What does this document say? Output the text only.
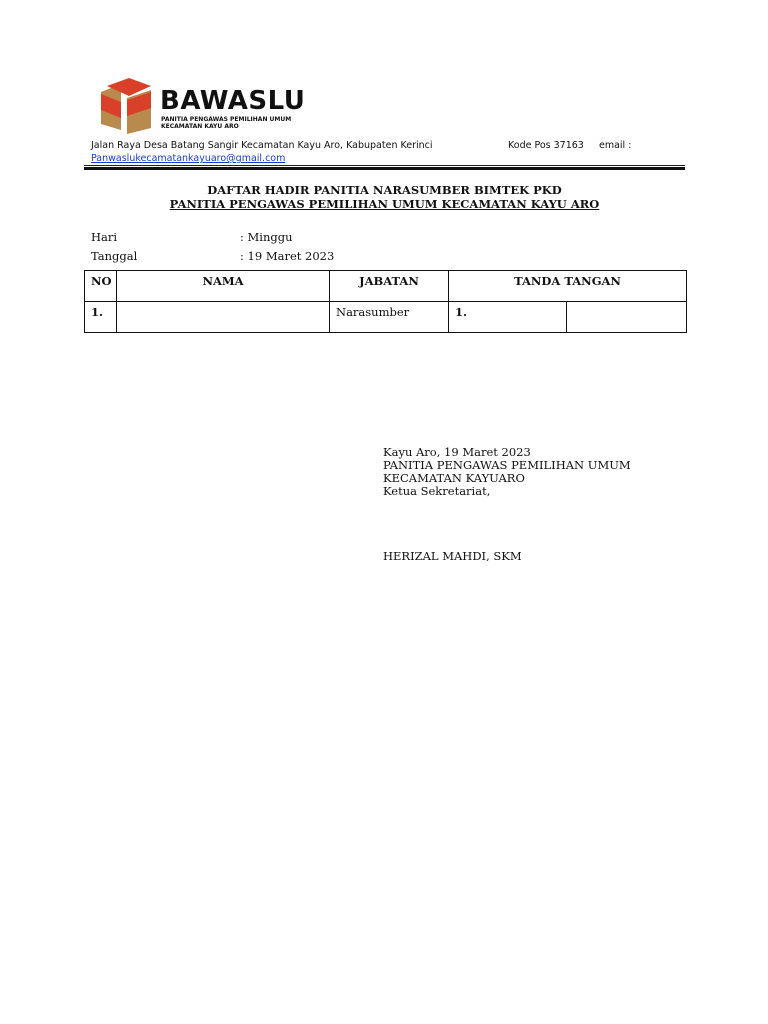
BAWASLU
PANITIA PENGAWAS PEMILIHAN UMUM
KECAMATAN KAYU ARO
Jalan Raya Desa Batang Sangir Kecamatan Kayu Aro, Kabupaten Kerinci	Kode Pos 37163 email :
Panwaslukecamatankayuaro@gmail.com
DAFTAR HADIR PANITIA NARASUMBER BIMTEK PKD
PANITIA PENGAWAS PEMILIHAN UMUM KECAMATAN KAYU ARO
Hari	: Minggu
Tanggal	: 19 Maret 2023
NO	NAMA	JABATAN	TANDA TANGAN	
1.		Narasumber	1.	
Kayu Aro, 19 Maret 2023
PANITIA PENGAWAS PEMILIHAN UMUM
KECAMATAN KAYUARO
Ketua Sekretariat,
HERIZAL MAHDI, SKM
